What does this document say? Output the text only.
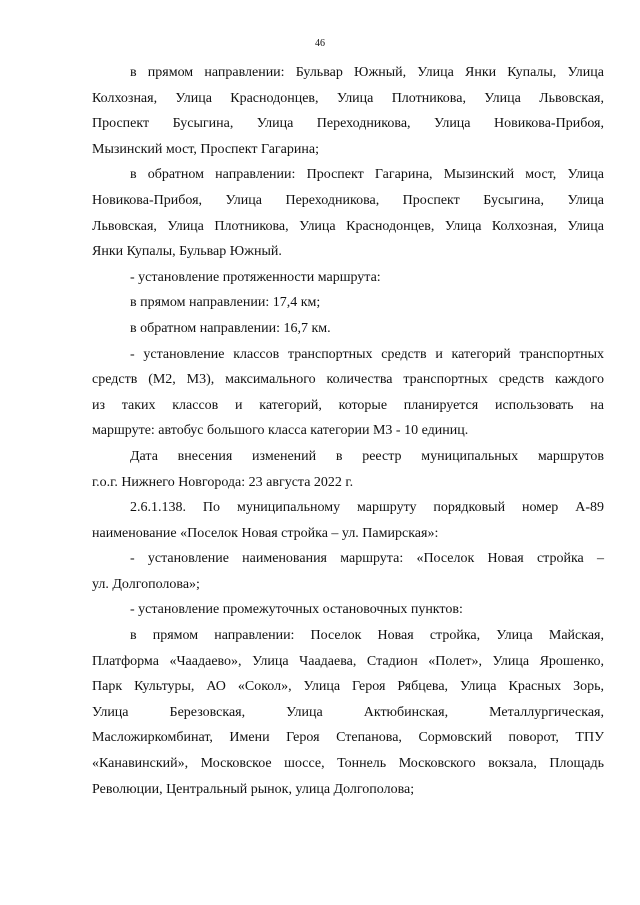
46
в прямом направлении: Бульвар Южный, Улица Янки Купалы, Улица
Колхозная, Улица Краснодонцев, Улица Плотникова, Улица Львовская,
Проспект Бусыгина, Улица Переходникова, Улица Новикова-Прибоя,
Мызинский мост, Проспект Гагарина;
в обратном направлении: Проспект Гагарина, Мызинский мост, Улица
Новикова-Прибоя, Улица Переходникова, Проспект Бусыгина, Улица
Львовская, Улица Плотникова, Улица Краснодонцев, Улица Колхозная, Улица
Янки Купалы, Бульвар Южный.
- установление протяженности маршрута:
в прямом направлении: 17,4 км;
в обратном направлении: 16,7 км.
- установление классов транспортных средств и категорий транспортных
средств (М2, М3), максимального количества транспортных средств каждого
из таких классов и категорий, которые планируется использовать на
маршруте: автобус большого класса категории М3 - 10 единиц.
Дата внесения изменений в реестр муниципальных маршрутов
г.о.г. Нижнего Новгорода: 23 августа 2022 г.
2.6.1.138. По муниципальному маршруту порядковый номер А-89
наименование «Поселок Новая стройка – ул. Памирская»:
- установление наименования маршрута: «Поселок Новая стройка –
ул. Долгополова»;
- установление промежуточных остановочных пунктов:
в прямом направлении: Поселок Новая стройка, Улица Майская,
Платформа «Чаадаево», Улица Чаадаева, Стадион «Полет», Улица Ярошенко,
Парк Культуры, АО «Сокол», Улица Героя Рябцева, Улица Красных Зорь,
Улица Березовская, Улица Актюбинская, Металлургическая,
Масложиркомбинат, Имени Героя Степанова, Сормовский поворот, ТПУ
«Канавинский», Московское шоссе, Тоннель Московского вокзала, Площадь
Революции, Центральный рынок, улица Долгополова;
